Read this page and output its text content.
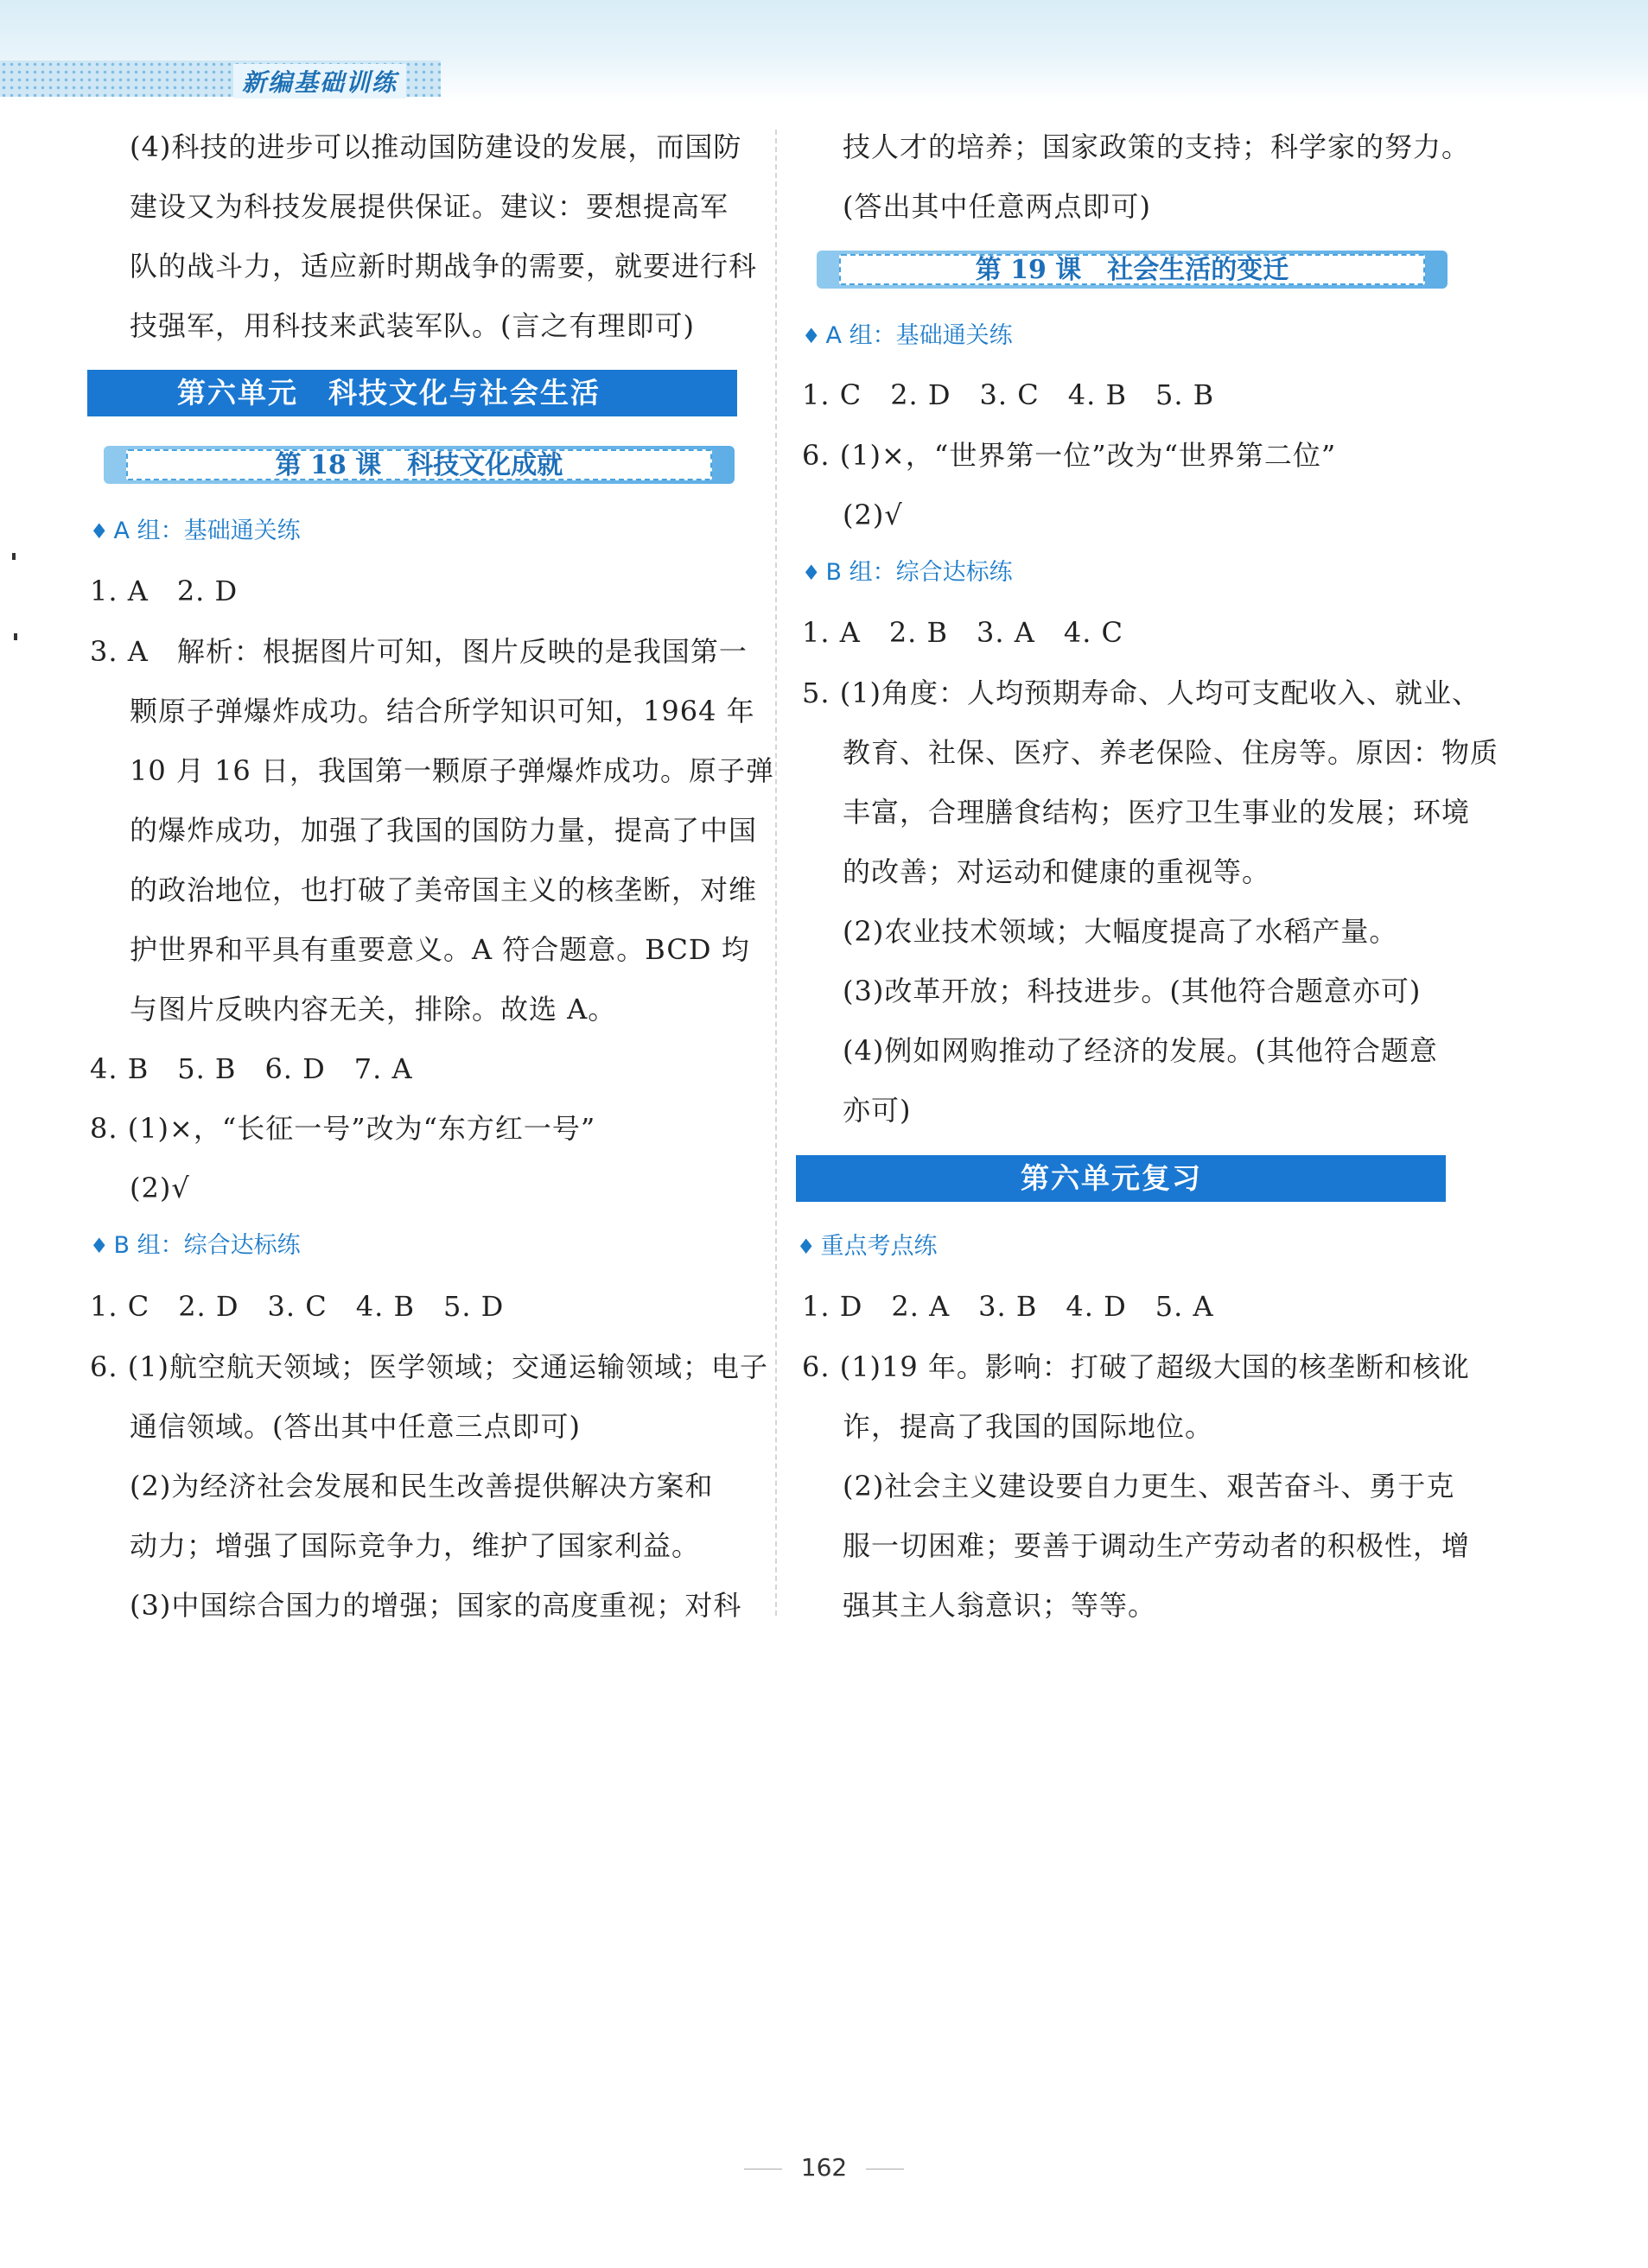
新编基础训练
(4)科技的进步可以推动国防建设的发展，而国防
建设又为科技发展提供保证。建议：要想提高军
队的战斗力，适应新时期战争的需要，就要进行科
技强军，用科技来武装军队。(言之有理即可)
第六单元　科技文化与社会生活
第 18 课　科技文化成就
♦ A 组：基础通关练
1. A　2. D
3. A　解析：根据图片可知，图片反映的是我国第一
颗原子弹爆炸成功。结合所学知识可知，1964 年
10 月 16 日，我国第一颗原子弹爆炸成功。原子弹
的爆炸成功，加强了我国的国防力量，提高了中国
的政治地位，也打破了美帝国主义的核垄断，对维
护世界和平具有重要意义。A 符合题意。BCD 均
与图片反映内容无关，排除。故选 A。
4. B　5. B　6. D　7. A
8. (1)×，“长征一号”改为“东方红一号”
(2)√
♦ B 组：综合达标练
1. C　2. D　3. C　4. B　5. D
6. (1)航空航天领域；医学领域；交通运输领域；电子
通信领域。(答出其中任意三点即可)
(2)为经济社会发展和民生改善提供解决方案和
动力；增强了国际竞争力，维护了国家利益。
(3)中国综合国力的增强；国家的高度重视；对科
技人才的培养；国家政策的支持；科学家的努力。
(答出其中任意两点即可)
第 19 课　社会生活的变迁
♦ A 组：基础通关练
1. C　2. D　3. C　4. B　5. B
6. (1)×，“世界第一位”改为“世界第二位”
(2)√
♦ B 组：综合达标练
1. A　2. B　3. A　4. C
5. (1)角度：人均预期寿命、人均可支配收入、就业、
教育、社保、医疗、养老保险、住房等。原因：物质
丰富，合理膳食结构；医疗卫生事业的发展；环境
的改善；对运动和健康的重视等。
(2)农业技术领域；大幅度提高了水稻产量。
(3)改革开放；科技进步。(其他符合题意亦可)
(4)例如网购推动了经济的发展。(其他符合题意
亦可)
第六单元复习
♦ 重点考点练
1. D　2. A　3. B　4. D　5. A
6. (1)19 年。影响：打破了超级大国的核垄断和核讹
诈，提高了我国的国际地位。
(2)社会主义建设要自力更生、艰苦奋斗、勇于克
服一切困难；要善于调动生产劳动者的积极性，增
强其主人翁意识；等等。
162
